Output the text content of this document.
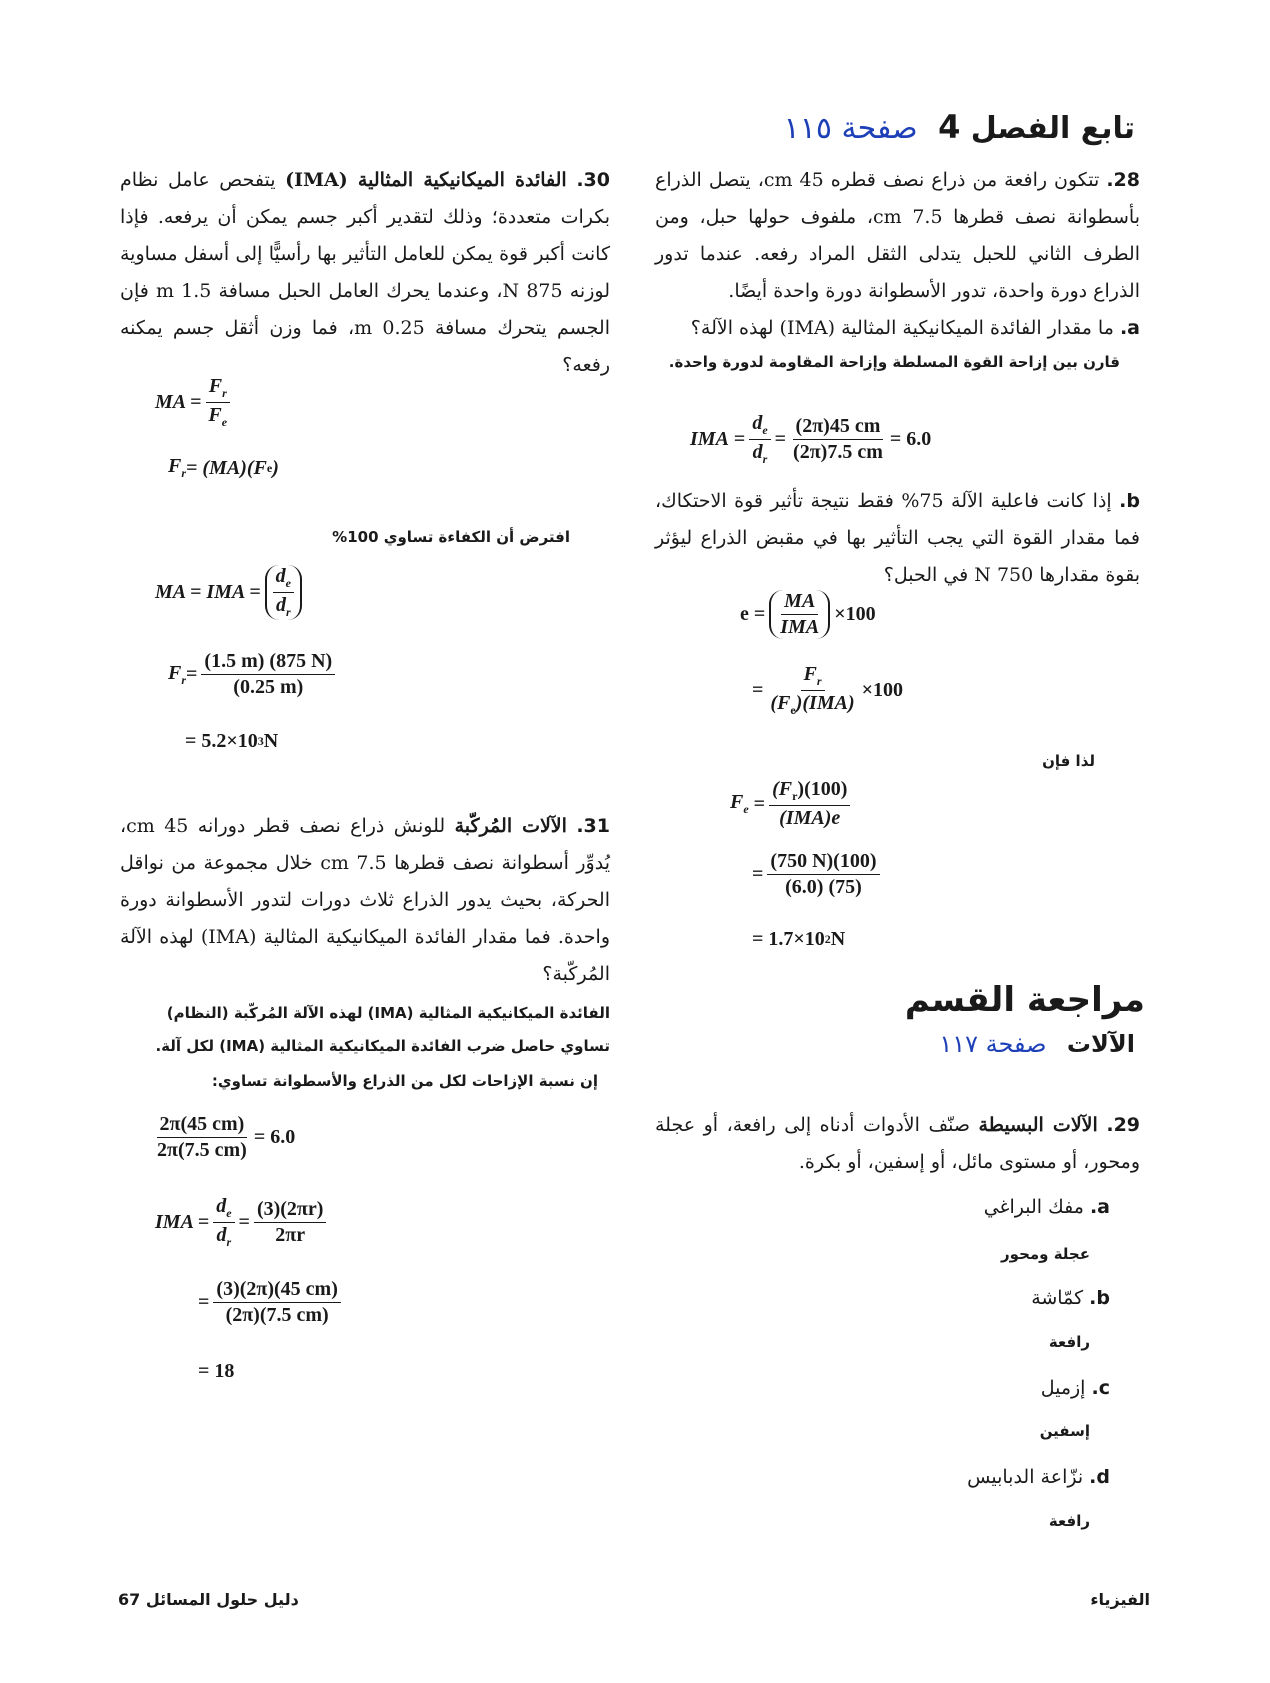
تابع الفصل 4 صفحة ١١٥
28. تتكون رافعة من ذراع نصف قطره 45 cm، يتصل الذراع بأسطوانة نصف قطرها 7.5 cm، ملفوف حولها حبل، ومن الطرف الثاني للحبل يتدلى الثقل المراد رفعه. عندما تدور الذراع دورة واحدة، تدور الأسطوانة دورة واحدة أيضًا.
a. ما مقدار الفائدة الميكانيكية المثالية (IMA) لهذه الآلة؟
قارن بين إزاحة القوة المسلطة وإزاحة المقاومة لدورة واحدة.
IMA = $\frac{d_e}{d_r} = \frac{(2\pi)45 cm}{(2\pi)7.5 cm} = 6.0$
b. إذا كانت فاعلية الآلة 75% فقط نتيجة تأثير قوة الاحتكاك، فما مقدار القوة التي يجب التأثير بها في مقبض الذراع ليؤثر بقوة مقدارها 750 N في الحبل؟
$e = \frac{MA}{\text{IMA}} \times 100$
= $\frac{F_r}{(F_e)(IMA)} \times 100$
لذا فإن
$F_e = \frac{(F_r)(100)}{\text{(IMA)e}}$
= $\frac{(750 N)(100)}{(6.0) (75)}$
= 1.7×10 2 N
مراجعة القسم
الآلات صفحة ١١٧
29. الآلات البسيطة صنّف الأدوات أدناه إلى رافعة، أو عجلة ومحور، أو مستوى مائل، أو إسفين، أو بكرة.
a. مفك البراغي
عجلة ومحور
b. كمّاشة
رافعة
c. إزميل
إسفين
d. نزّاعة الدبابيس
رافعة
30. الفائدة الميكانيكية المثالية (IMA) يتفحص عامل نظام بكرات متعددة؛ وذلك لتقدير أكبر جسم يمكن أن يرفعه. فإذا كانت أكبر قوة يمكن للعامل التأثير بها رأسيًّا إلى أسفل مساوية لوزنه 875 N، وعندما يحرك العامل الحبل مسافة 1.5 m فإن الجسم يتحرك مسافة 0.25 m، فما وزن أثقل جسم يمكنه رفعه؟
MA = $\frac{F_r}{F_e}$
$F_r = (MA)(F$ e )
افترض أن الكفاءة تساوي 100%
MA = IMA = $\frac{d_e}{d_r}$
$F_r = \frac{(1.5 m) (875 N)}{(0.25 m)}$
= 5.2×10 3 N
31. الآلات المُركّبة للونش ذراع نصف قطر دورانه 45 cm، يُدوِّر أسطوانة نصف قطرها 7.5 cm خلال مجموعة من نواقل الحركة، بحيث يدور الذراع ثلاث دورات لتدور الأسطوانة دورة واحدة. فما مقدار الفائدة الميكانيكية المثالية (IMA) لهذه الآلة المُركّبة؟
الفائدة الميكانيكية المثالية (IMA) لهذه الآلة المُركّبة (النظام) تساوي حاصل ضرب الفائدة الميكانيكية المثالية (IMA) لكل آلة.
إن نسبة الإزاحات لكل من الذراع والأسطوانة تساوي:
$\frac{2\pi(45 cm)}{2\pi(7.5 cm)} = 6.0$
IMA = $\frac{d_e}{d_r} = \frac{(3)(2\pi r)}{2\pi r}$
= $\frac{(3)(2\pi)(45 cm)}{(2\pi)(7.5 cm)}$
= 18
دليل حلول المسائل 67	الفيزياء
